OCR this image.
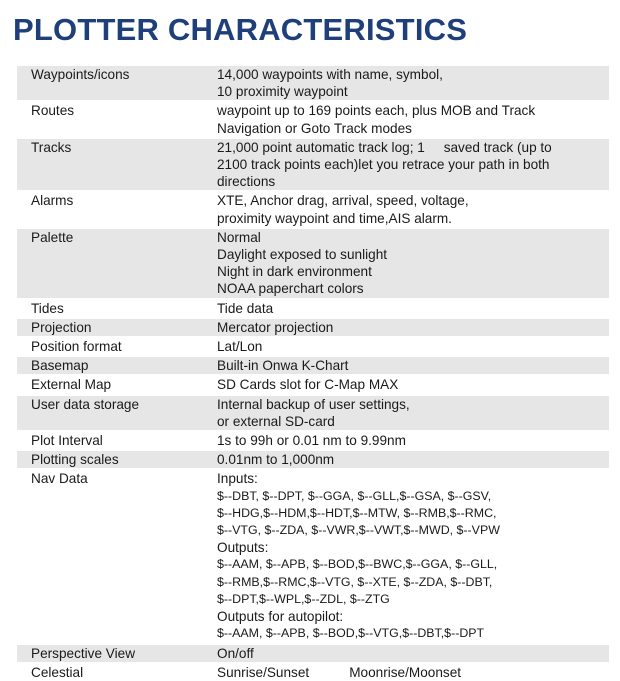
PLOTTER CHARACTERISTICS
Waypoints/icons	14,000 waypoints with name, symbol,
10 proximity waypoint
Routes	waypoint up to 169 points each, plus MOB and Track
Navigation or Goto Track modes
Tracks	21,000 point automatic track log; 1     saved track (up to
2100 track points each)let you retrace your path in both
directions
Alarms	XTE, Anchor drag, arrival, speed, voltage,
proximity waypoint and time,AIS alarm.
Palette	Normal
Daylight exposed to sunlight
Night in dark environment
NOAA paperchart colors
Tides	Tide data
Projection	Mercator projection
Position format	Lat/Lon
Basemap	Built-in Onwa K-Chart
External Map	SD Cards slot for C-Map MAX
User data storage	Internal backup of user settings,
or external SD-card
Plot Interval	1s to 99h or 0.01 nm to 9.99nm
Plotting scales	0.01nm to 1,000nm
Nav Data	Inputs:
$--DBT, $--DPT, $--GGA, $--GLL,$--GSA, $--GSV,
$--HDG,$--HDM,$--HDT,$--MTW, $--RMB,$--RMC,
$--VTG, $--ZDA, $--VWR,$--VWT,$--MWD, $--VPW
Outputs:
$--AAM, $--APB, $--BOD,$--BWC,$--GGA, $--GLL,
$--RMB,$--RMC,$--VTG, $--XTE, $--ZDA, $--DBT,
$--DPT,$--WPL,$--ZDL, $--ZTG
Outputs for autopilot:
$--AAM, $--APB, $--BOD,$--VTG,$--DBT,$--DPT
Perspective View	On/off
Celestial	Sunrise/Sunset	Moonrise/Moonset
